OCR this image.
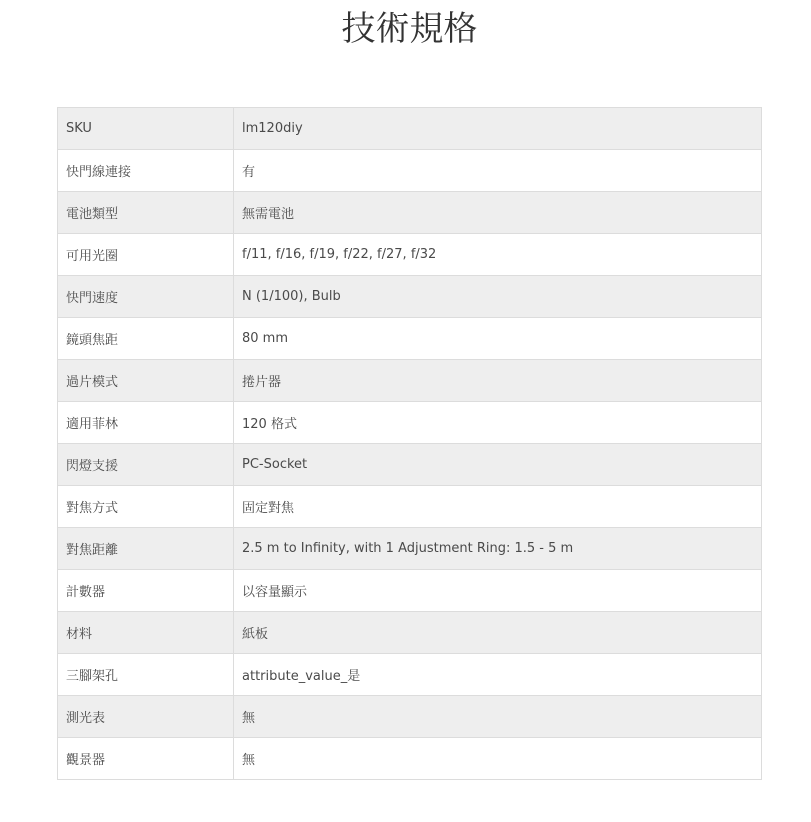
技術規格
SKU	lm120diy
快門線連接	有
電池類型	無需電池
可用光圈	f/11, f/16, f/19, f/22, f/27, f/32
快門速度	N (1/100), Bulb
鏡頭焦距	80 mm
過片模式	捲片器
適用菲林	120 格式
閃燈支援	PC-Socket
對焦方式	固定對焦
對焦距離	2.5 m to Infinity, with 1 Adjustment Ring: 1.5 - 5 m
計數器	以容量顯示
材料	紙板
三腳架孔	attribute_value_是
測光表	無
觀景器	無
